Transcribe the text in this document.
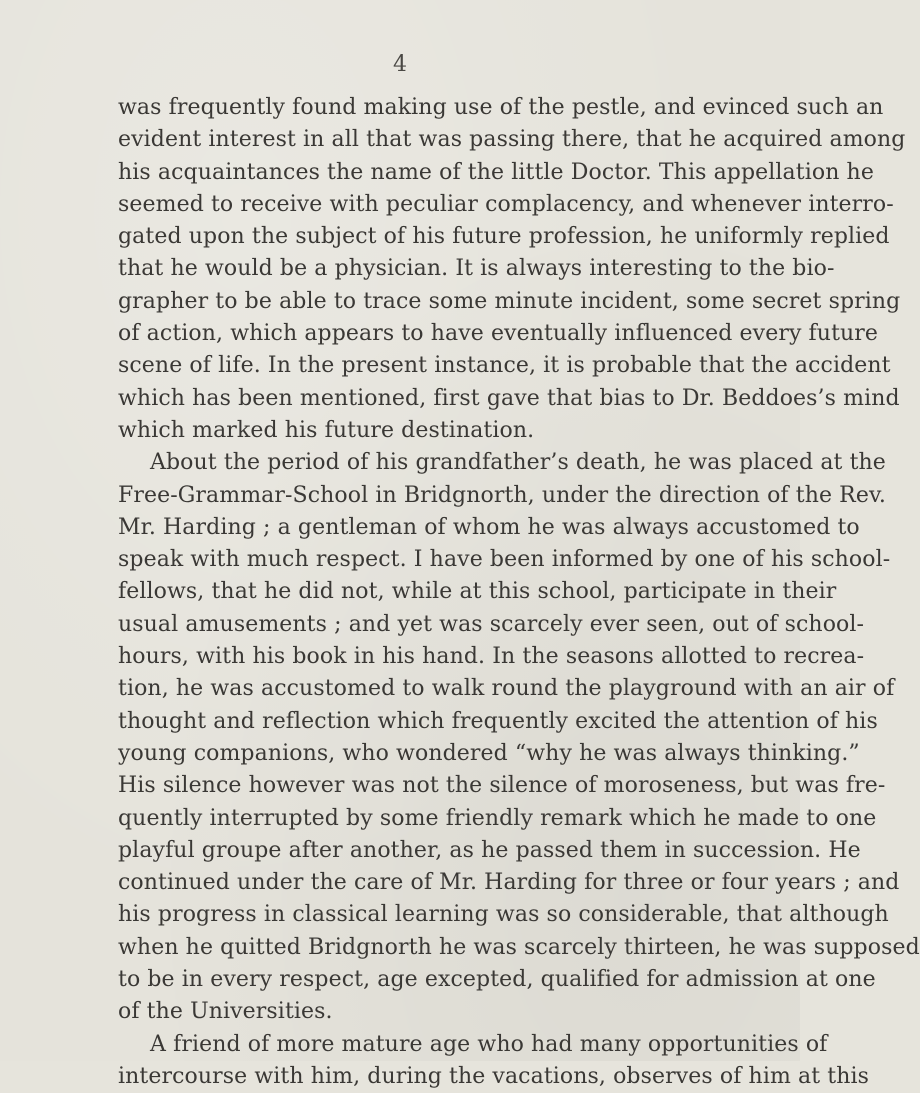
4
was frequently found making use of the pestle, and evinced such an
evident interest in all that was passing there, that he acquired among
his acquaintances the name of the little Doctor. This appellation he
seemed to receive with peculiar complacency, and whenever interro-
gated upon the subject of his future profession, he uniformly replied
that he would be a physician. It is always interesting to the bio-
grapher to be able to trace some minute incident, some secret spring
of action, which appears to have eventually influenced every future
scene of life. In the present instance, it is probable that the accident
which has been mentioned, first gave that bias to Dr. Beddoes’s mind
which marked his future destination.
About the period of his grandfather’s death, he was placed at the
Free-Grammar-School in Bridgnorth, under the direction of the Rev.
Mr. Harding ; a gentleman of whom he was always accustomed to
speak with much respect. I have been informed by one of his school-
fellows, that he did not, while at this school, participate in their
usual amusements ; and yet was scarcely ever seen, out of school-
hours, with his book in his hand. In the seasons allotted to recrea-
tion, he was accustomed to walk round the playground with an air of
thought and reflection which frequently excited the attention of his
young companions, who wondered “why he was always thinking.”
His silence however was not the silence of moroseness, but was fre-
quently interrupted by some friendly remark which he made to one
playful groupe after another, as he passed them in succession. He
continued under the care of Mr. Harding for three or four years ; and
his progress in classical learning was so considerable, that although
when he quitted Bridgnorth he was scarcely thirteen, he was supposed
to be in every respect, age excepted, qualified for admission at one
of the Universities.
A friend of more mature age who had many opportunities of
intercourse with him, during the vacations, observes of him at this
